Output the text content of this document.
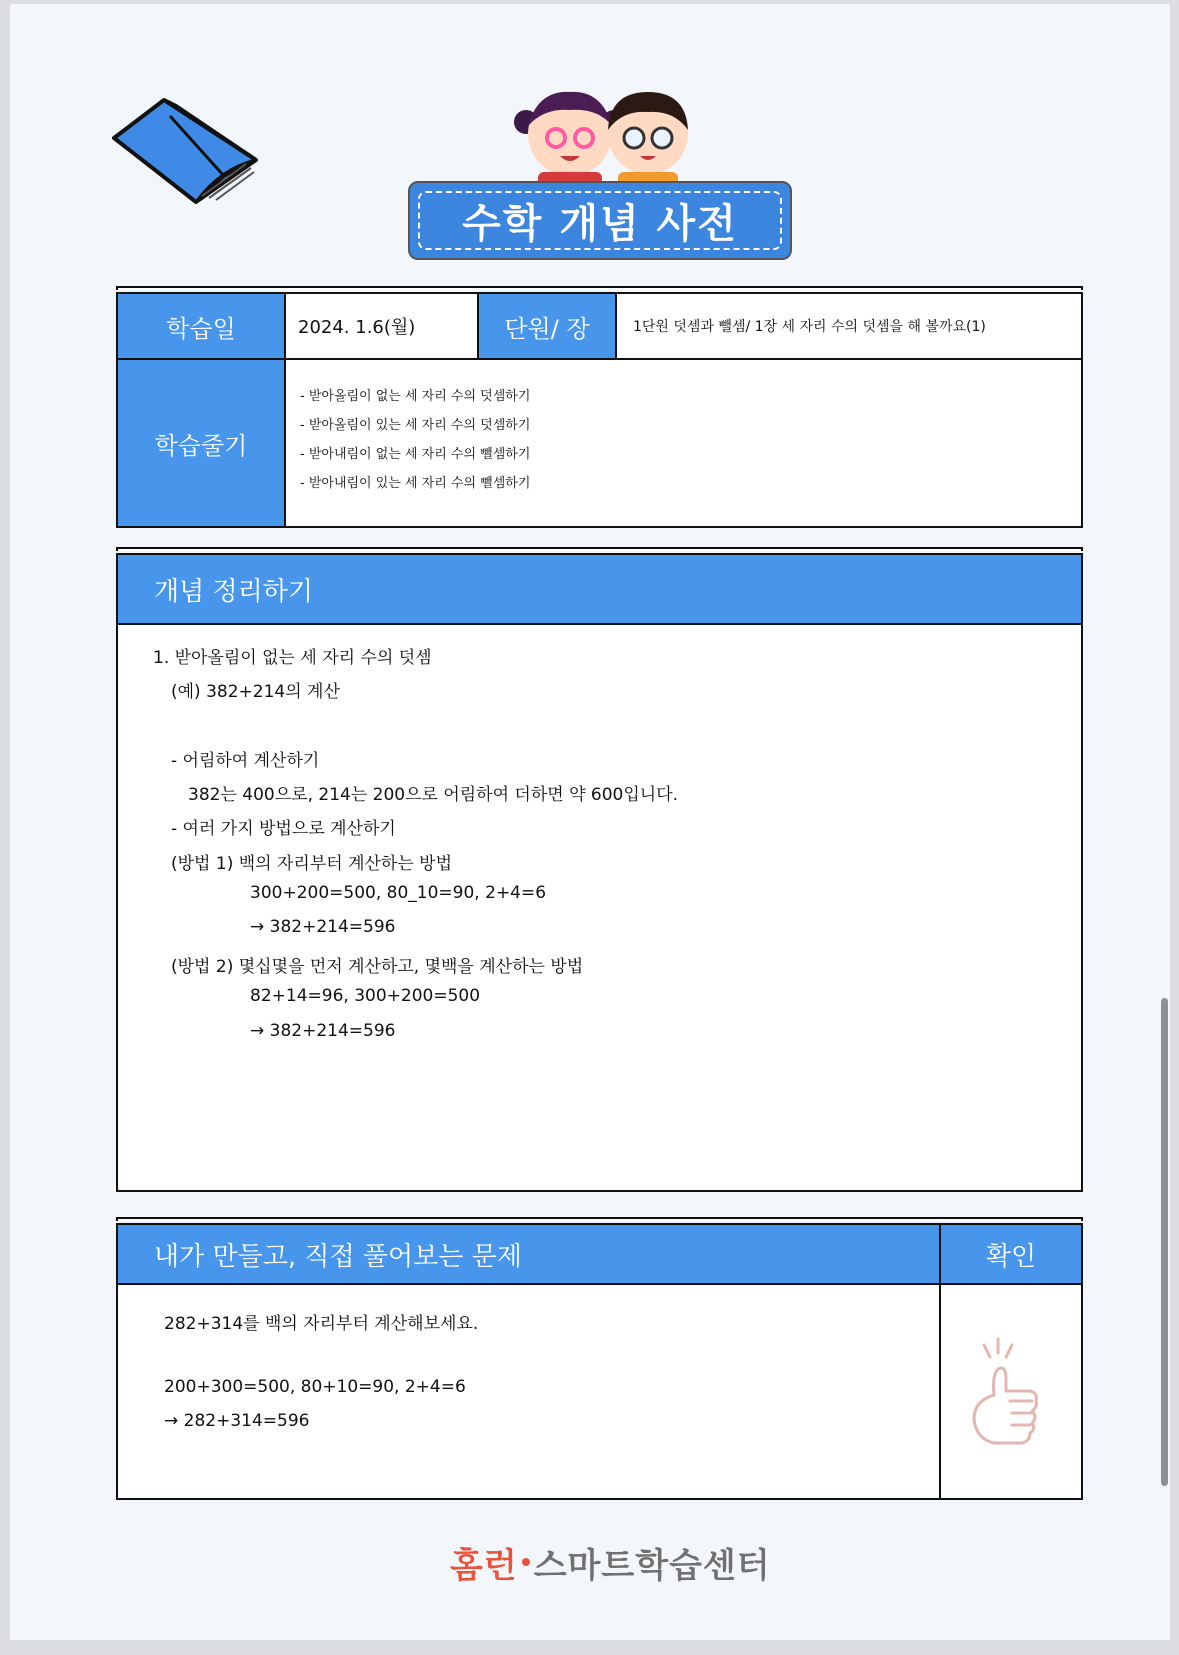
수학 개념 사전
학습일	2024. 1.6(월)	단원/ 장	1단원 덧셈과 뺄셈/ 1장 세 자리 수의 덧셈을 해 볼까요(1)
학습줄기
- 받아올림이 없는 세 자리 수의 덧셈하기
- 받아올림이 있는 세 자리 수의 덧셈하기
- 받아내림이 없는 세 자리 수의 뺄셈하기
- 받아내림이 있는 세 자리 수의 뺄셈하기
개념 정리하기
1. 받아올림이 없는 세 자리 수의 덧셈
(예) 382+214의 계산
- 어림하여 계산하기
382는 400으로, 214는 200으로 어림하여 더하면 약 600입니다.
- 여러 가지 방법으로 계산하기
(방법 1) 백의 자리부터 계산하는 방법
300+200=500, 80_10=90, 2+4=6
→ 382+214=596
(방법 2) 몇십몇을 먼저 계산하고, 몇백을 계산하는 방법
82+14=96, 300+200=500
→ 382+214=596
내가 만들고, 직접 풀어보는 문제	확인
282+314를 백의 자리부터 계산해보세요.
200+300=500, 80+10=90, 2+4=6
→ 282+314=596
홈런 스마트학습센터
